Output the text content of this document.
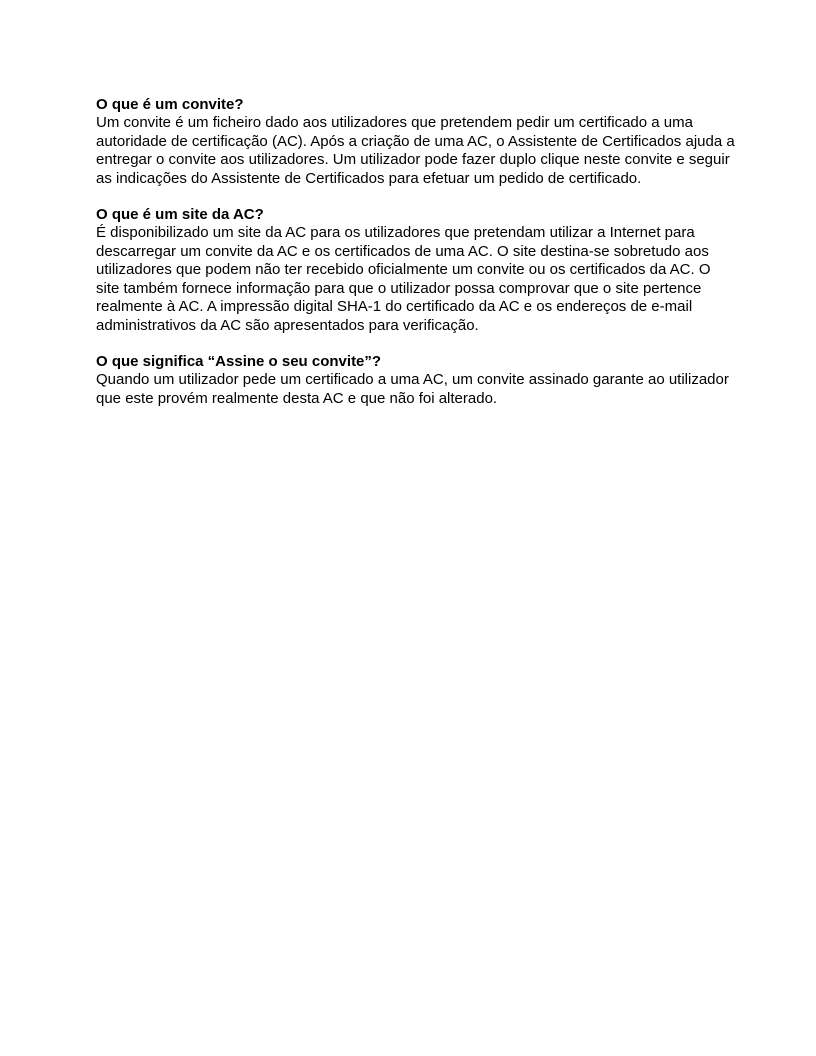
O que é um convite?

Um convite é um ficheiro dado aos utilizadores que pretendem pedir um certificado a uma autoridade de certificação (AC). Após a criação de uma AC, o Assistente de Certificados ajuda a entregar o convite aos utilizadores. Um utilizador pode fazer duplo clique neste convite e seguir as indicações do Assistente de Certificados para efetuar um pedido de certificado.

O que é um site da AC?

É disponibilizado um site da AC para os utilizadores que pretendam utilizar a Internet para descarregar um convite da AC e os certificados de uma AC. O site destina‑se sobretudo aos utilizadores que podem não ter recebido oficialmente um convite ou os certificados da AC. O site também fornece informação para que o utilizador possa comprovar que o site pertence realmente à AC. A impressão digital SHA‑1 do certificado da AC e os endereços de e‑mail administrativos da AC são apresentados para verificação.

O que significa “Assine o seu convite”?

Quando um utilizador pede um certificado a uma AC, um convite assinado garante ao utilizador que este provém realmente desta AC e que não foi alterado.
